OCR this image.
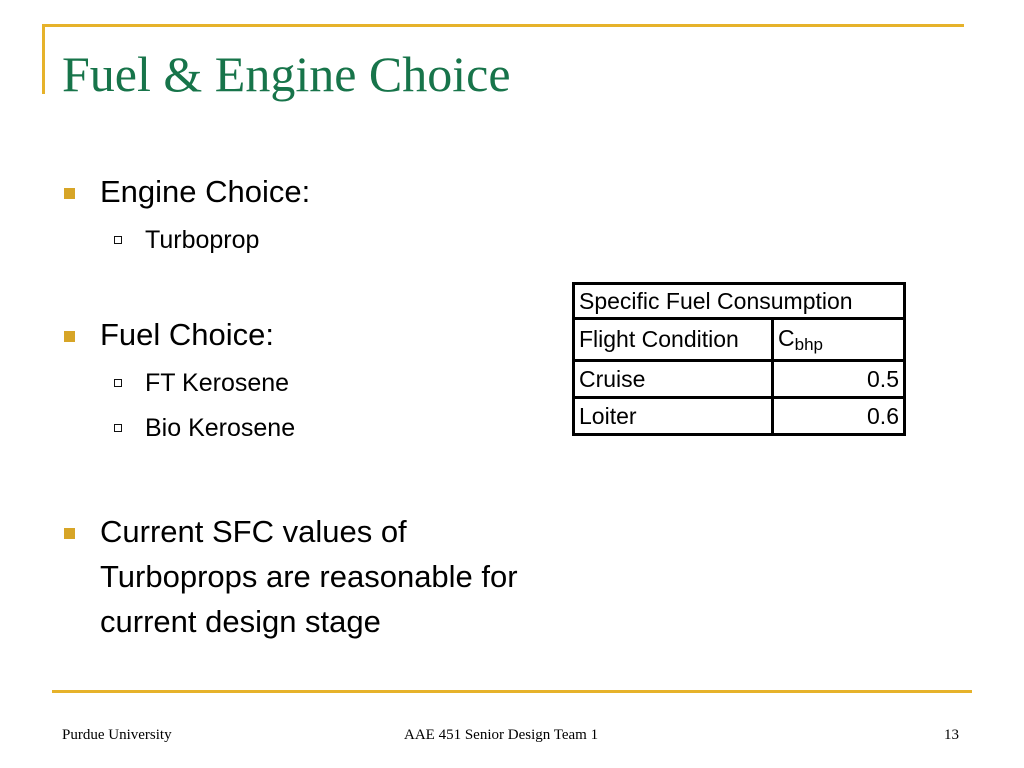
Fuel & Engine Choice
Engine Choice:
Turboprop
Fuel Choice:
FT Kerosene
Bio Kerosene
Current SFC values of
Turboprops are reasonable for
current design stage
Specific Fuel Consumption	
Flight Condition	Cbhp
Cruise	0.5
Loiter	0.6
Purdue University	AAE 451 Senior Design Team 1	13
